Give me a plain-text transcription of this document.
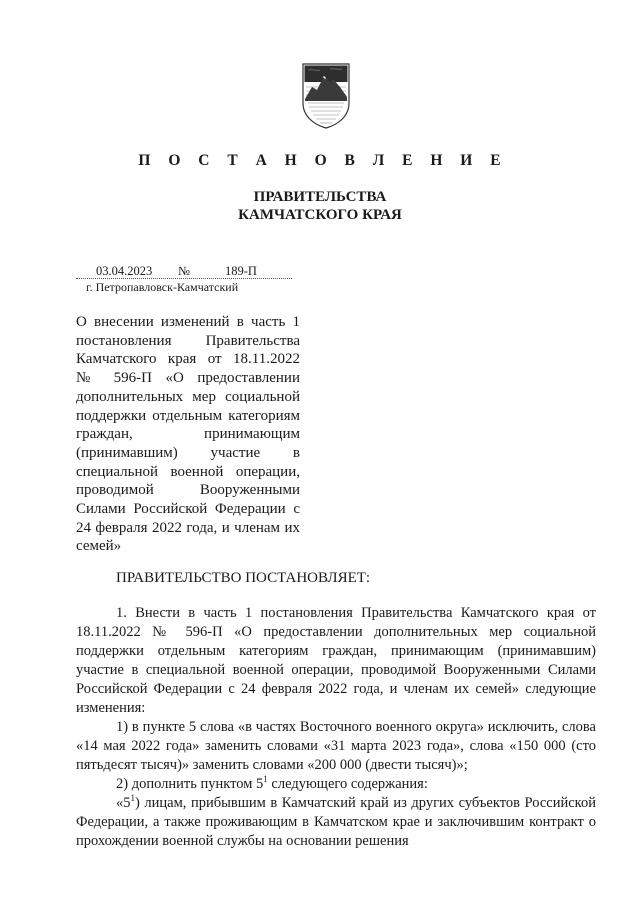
П О С Т А Н О В Л Е Н И Е
ПРАВИТЕЛЬСТВА
КАМЧАТСКОГО КРАЯ
03.04.2023 №	189-П
г. Петропавловск-Камчатский
О внесении изменений в часть 1
постановления Правительства
Камчатского края от 18.11.2022
№ 596-П «О предоставлении
дополнительных мер социальной
поддержки отдельным категориям
граждан, принимающим
(принимавшим) участие в
специальной военной операции,
проводимой Вооруженными
Силами Российской Федерации с
24 февраля 2022 года, и членам их
семей»
ПРАВИТЕЛЬСТВО ПОСТАНОВЛЯЕТ:

1. Внести в часть 1 постановления Правительства Камчатского края от 18.11.2022 № 596-П «О предоставлении дополнительных мер социальной поддержки отдельным категориям граждан, принимающим (принимавшим) участие в специальной военной операции, проводимой Вооруженными Силами Российской Федерации с 24 февраля 2022 года, и членам их семей» следующие изменения:

1) в пункте 5 слова «в частях Восточного военного округа» исключить, слова «14 мая 2022 года» заменить словами «31 марта 2023 года», слова «150 000 (сто пятьдесят тысяч)» заменить словами «200 000 (двести тысяч)»;

2) дополнить пунктом $5^1$ следующего содержания:

«$5^1$) лицам, прибывшим в Камчатский край из других субъектов Российской Федерации, а также проживающим в Камчатском крае и заключившим контракт о прохождении военной службы на основании решения
